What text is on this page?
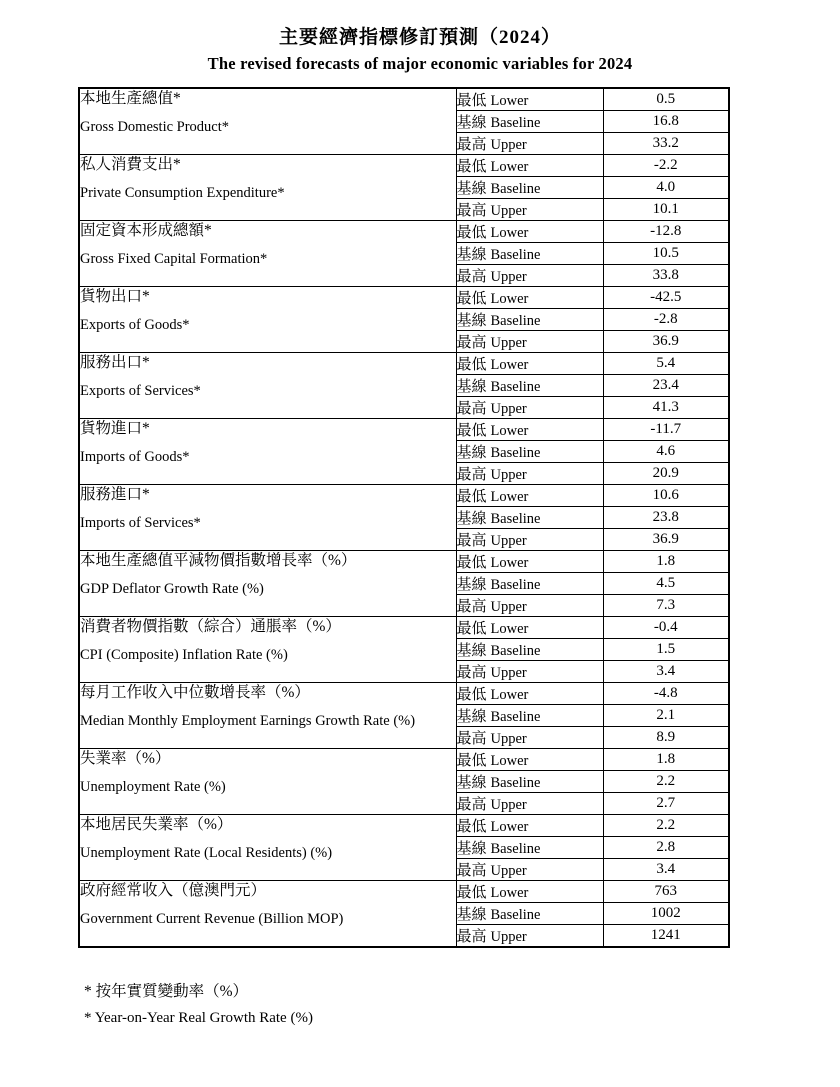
主要經濟指標修訂預測（2024）
The revised forecasts of major economic variables for 2024
本地生產總值*
Gross Domestic Product*	最低 Lower	0.5
	基線 Baseline	16.8
	最高 Upper	33.2

私人消費支出*
Private Consumption Expenditure*	最低 Lower	-2.2
	基線 Baseline	4.0
	最高 Upper	10.1

固定資本形成總額*
Gross Fixed Capital Formation*	最低 Lower	-12.8
	基線 Baseline	10.5
	最高 Upper	33.8

貨物出口*
Exports of Goods*	最低 Lower	-42.5
	基線 Baseline	-2.8
	最高 Upper	36.9

服務出口*
Exports of Services*	最低 Lower	5.4
	基線 Baseline	23.4
	最高 Upper	41.3

貨物進口*
Imports of Goods*	最低 Lower	-11.7
	基線 Baseline	4.6
	最高 Upper	20.9

服務進口*
Imports of Services*	最低 Lower	10.6
	基線 Baseline	23.8
	最高 Upper	36.9

本地生產總值平減物價指數增長率（%）
GDP Deflator Growth Rate (%)	最低 Lower	1.8
	基線 Baseline	4.5
	最高 Upper	7.3

消費者物價指數（綜合）通脹率（%）
CPI (Composite) Inflation Rate (%)	最低 Lower	-0.4
	基線 Baseline	1.5
	最高 Upper	3.4

每月工作收入中位數增長率（%）
Median Monthly Employment Earnings Growth Rate (%)	最低 Lower	-4.8
	基線 Baseline	2.1
	最高 Upper	8.9

失業率（%）
Unemployment Rate (%)	最低 Lower	1.8
	基線 Baseline	2.2
	最高 Upper	2.7

本地居民失業率（%）
Unemployment Rate (Local Residents) (%)	最低 Lower	2.2
	基線 Baseline	2.8
	最高 Upper	3.4

政府經常收入（億澳門元）
Government Current Revenue (Billion MOP)	最低 Lower	763
	基線 Baseline	1002
	最高 Upper	1241
* 按年實質變動率（%）
* Year-on-Year Real Growth Rate (%)
